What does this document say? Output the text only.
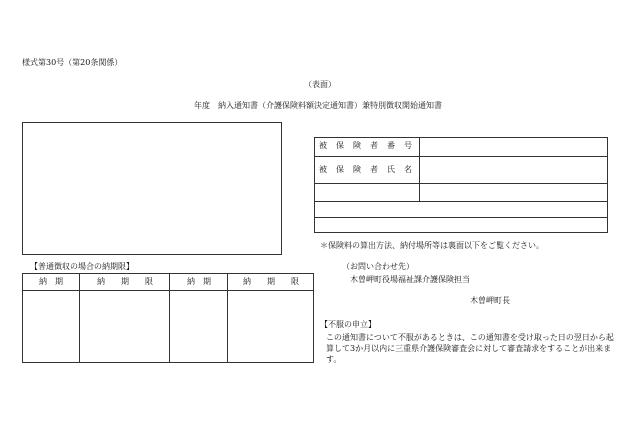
様式第30号（第20条関係）
（表面）
年度　納入通知書（介護保険料額決定通知書）兼特別徴収開始通知書
被保険者番号
被保険者氏名
＊保険料の算出方法、納付場所等は裏面以下をご覧ください。
（お問い合わせ先）
木曽岬町役場福祉課介護保険担当
木曽岬町長
【普通徴収の場合の納期限】
納　期	納　　期　　限	納　期	納　　期　　限
【不服の申立】
この通知書について不服があるときは、この通知書を受け取った日の翌日から起算して3か月以内に三重県介護保険審査会に対して審査請求をすることが出来ます。
